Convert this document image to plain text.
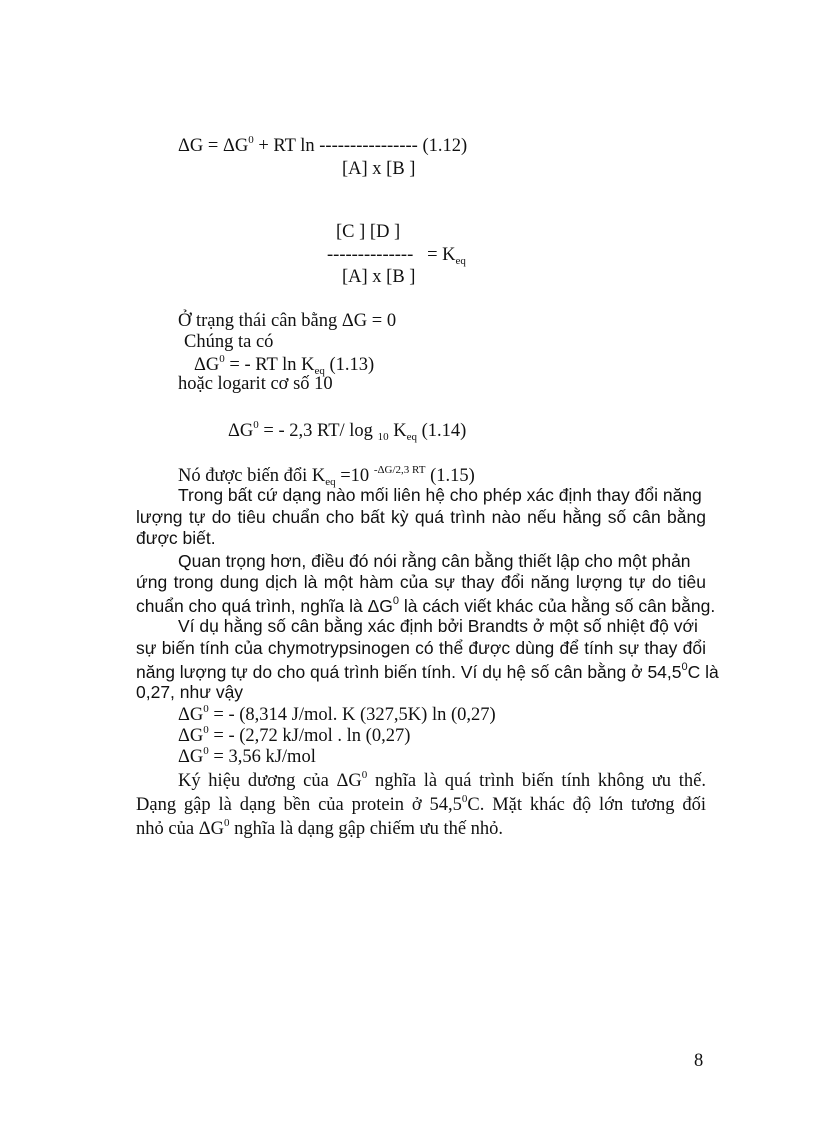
$\Delta G = \Delta G^0$ + RT ln ---------------- (1.12)
[A] x [B ]
[C ] [D ]
-------------- = $K_{eq}$
[A] x [B ]
Ở trạng thái cân bằng ΔG = 0
Chúng ta có
$\Delta G^0$ = - RT $\ln K_{eq}$ (1.13)
hoặc logarit cơ số 10
$\Delta G^0$ = - 2,3 RT/ log $_{10}$ $K_{eq}$ (1.14)
Nó được biến đổi $K_{eq} =10$ $^{-\Delta G/2,3 RT}$ (1.15)
Trong bất cứ dạng nào mối liên hệ cho phép xác định thay đổi năng
lượng tự do tiêu chuẩn cho bất kỳ quá trình nào nếu hằng số cân bằng
được biết.
Quan trọng hơn, điều đó nói rằng cân bằng thiết lập cho một phản
ứng trong dung dịch là một hàm của sự thay đổi năng lượng tự do tiêu
chuẩn cho quá trình, nghĩa là $\Delta G^0$ là cách viết khác của hằng số cân bằng.
Ví dụ hằng số cân bằng xác định bởi Brandts ở một số nhiệt độ với
sự biến tính của chymotrypsinogen có thể được dùng để tính sự thay đổi
năng lượng tự do cho quá trình biến tính. Ví dụ hệ số cân bằng ở 54,5$^0$C là
0,27, như vậy
$\Delta G^0$ = - (8,314 J/mol. K (327,5K) ln (0,27)
$\Delta G^0$ = - (2,72 kJ/mol . ln (0,27)
$\Delta G^0 = 3,56$ kJ/mol
Ký hiệu dương của $\Delta G^0$ nghĩa là quá trình biến tính không ưu thế.
Dạng gập là dạng bền của protein ở 54,5$^0$C. Mặt khác độ lớn tương đối
nhỏ của $\Delta G^0$ nghĩa là dạng gập chiếm ưu thế nhỏ.
8
